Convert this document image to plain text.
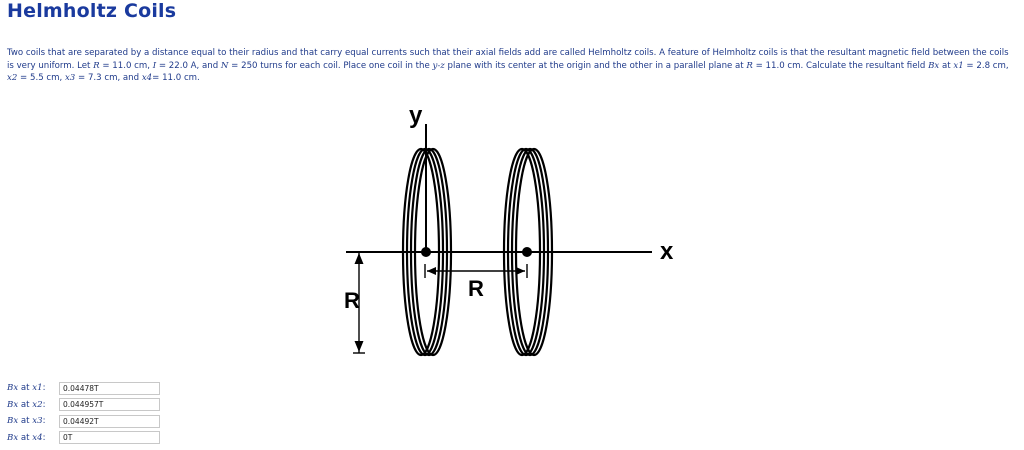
Helmholtz Coils
Two coils that are separated by a distance equal to their radius and that carry equal currents such that their axial fields add are called Helmholtz coils. A feature of Helmholtz coils is that the resultant magnetic field between the coils is very uniform. Let R = 11.0 cm, I = 22.0 A, and N = 250 turns for each coil. Place one coil in the y-z plane with its center at the origin and the other in a parallel plane at R = 11.0 cm. Calculate the resultant field Bx at x1 = 2.8 cm, x2 = 5.5 cm, x3 = 7.3 cm, and x4= 11.0 cm.
y
x
R	R
Bx at x1:
0.04478T
Bx at x2:
0.044957T
Bx at x3:
0.04492T
Bx at x4:
0T
